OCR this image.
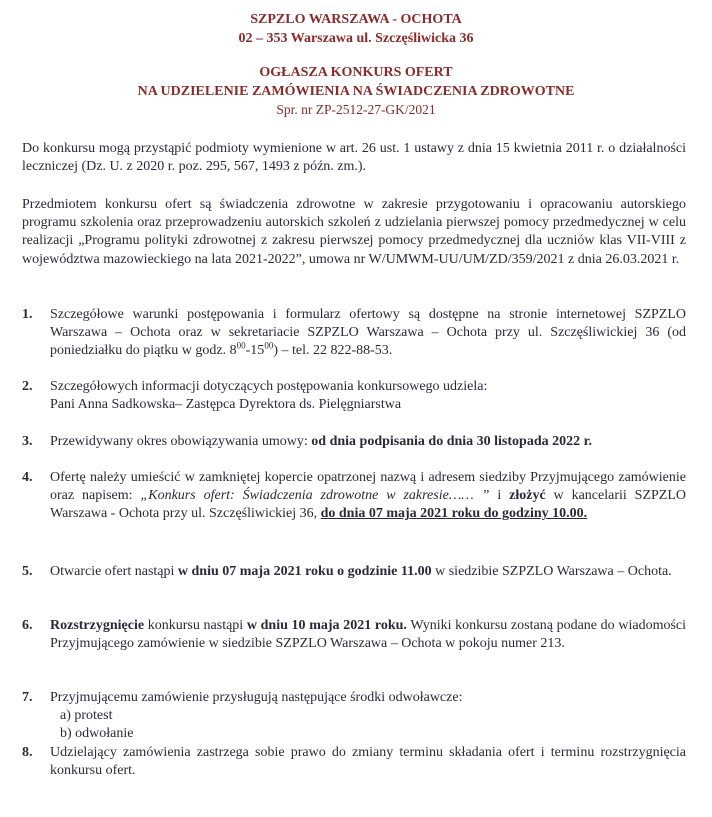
SZPZLO WARSZAWA - OCHOTA
02 – 353 Warszawa ul. Szczęśliwicka 36
OGŁASZA KONKURS OFERT
NA UDZIELENIE ZAMÓWIENIA NA ŚWIADCZENIA ZDROWOTNE
Spr. nr ZP-2512-27-GK/2021
Do konkursu mogą przystąpić podmioty wymienione w art. 26 ust. 1 ustawy z dnia 15 kwietnia 2011 r. o działalności leczniczej (Dz. U. z 2020 r. poz. 295, 567, 1493 z późn. zm.).
Przedmiotem konkursu ofert są świadczenia zdrowotne w zakresie przygotowaniu i opracowaniu autorskiego programu szkolenia oraz przeprowadzeniu autorskich szkoleń z udzielania pierwszej pomocy przedmedycznej w celu realizacji „Programu polityki zdrowotnej z zakresu pierwszej pomocy przedmedycznej dla uczniów klas VII-VIII z województwa mazowieckiego na lata 2021-2022”, umowa nr W/UMWM-UU/UM/ZD/359/2021 z dnia 26.03.2021 r.
1.	Szczegółowe warunki postępowania i formularz ofertowy są dostępne na stronie internetowej SZPZLO Warszawa – Ochota oraz w sekretariacie SZPZLO Warszawa – Ochota przy ul. Szczęśliwickiej 36 (od poniedziałku do piątku w godz. $8^{00}-15^{00}$) – tel. 22 822-88-53.
2.	Szczegółowych informacji dotyczących postępowania konkursowego udziela:
Pani Anna Sadkowska– Zastępca Dyrektora ds. Pielęgniarstwa
3.	Przewidywany okres obowiązywania umowy: od dnia podpisania do dnia 30 listopada 2022 r.
4.	Ofertę należy umieścić w zamkniętej kopercie opatrzonej nazwą i adresem siedziby Przyjmującego zamówienie oraz napisem: „Konkurs ofert: Świadczenia zdrowotne w zakresie…… ” i złożyć w kancelarii SZPZLO Warszawa - Ochota przy ul. Szczęśliwickiej 36, do dnia 07 maja 2021 roku do godziny 10.00.
5.	Otwarcie ofert nastąpi w dniu 07 maja 2021 roku o godzinie 11.00 w siedzibie SZPZLO Warszawa – Ochota.
6.	Rozstrzygnięcie konkursu nastąpi w dniu 10 maja 2021 roku. Wyniki konkursu zostaną podane do wiadomości Przyjmującego zamówienie w siedzibie SZPZLO Warszawa – Ochota w pokoju numer 213.
7.	Przyjmującemu zamówienie przysługują następujące środki odwoławcze:
a) protest
b) odwołanie
8.	Udzielający zamówienia zastrzega sobie prawo do zmiany terminu składania ofert i terminu rozstrzygnięcia konkursu ofert.
